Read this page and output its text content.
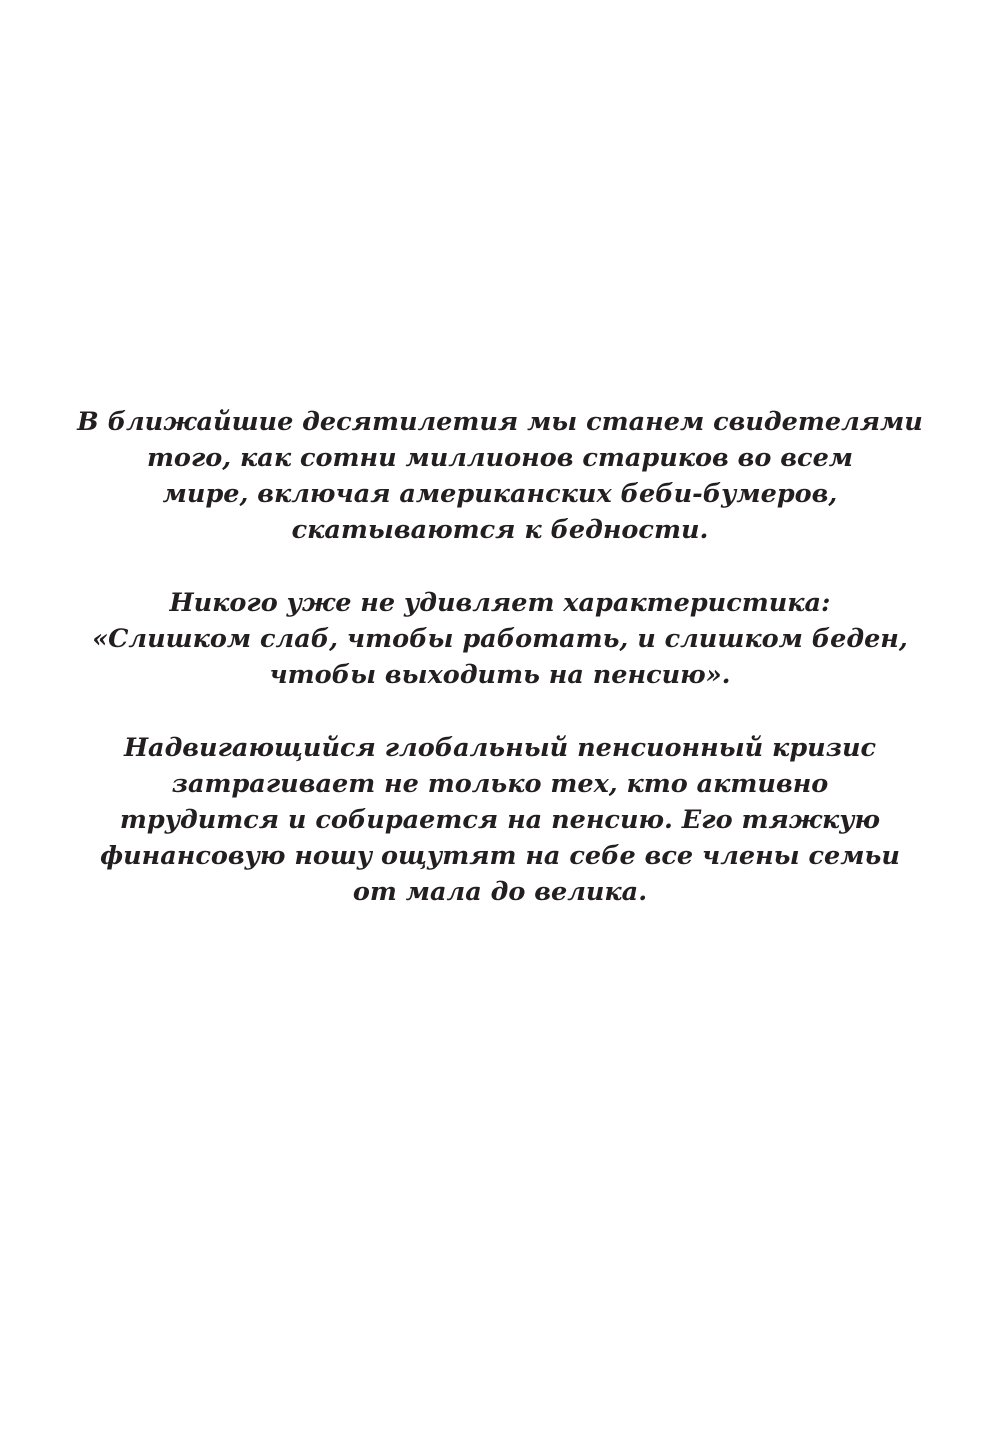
В ближайшие десятилетия мы станем свидетелями
того, как сотни миллионов стариков во всем
мире, включая американских беби-бумеров,
скатываются к бедности.

Никого уже не удивляет характеристика:
«Слишком слаб, чтобы работать, и слишком беден,
чтобы выходить на пенсию».

Надвигающийся глобальный пенсионный кризис
затрагивает не только тех, кто активно
трудится и собирается на пенсию. Его тяжкую
финансовую ношу ощутят на себе все члены семьи
от мала до велика.
